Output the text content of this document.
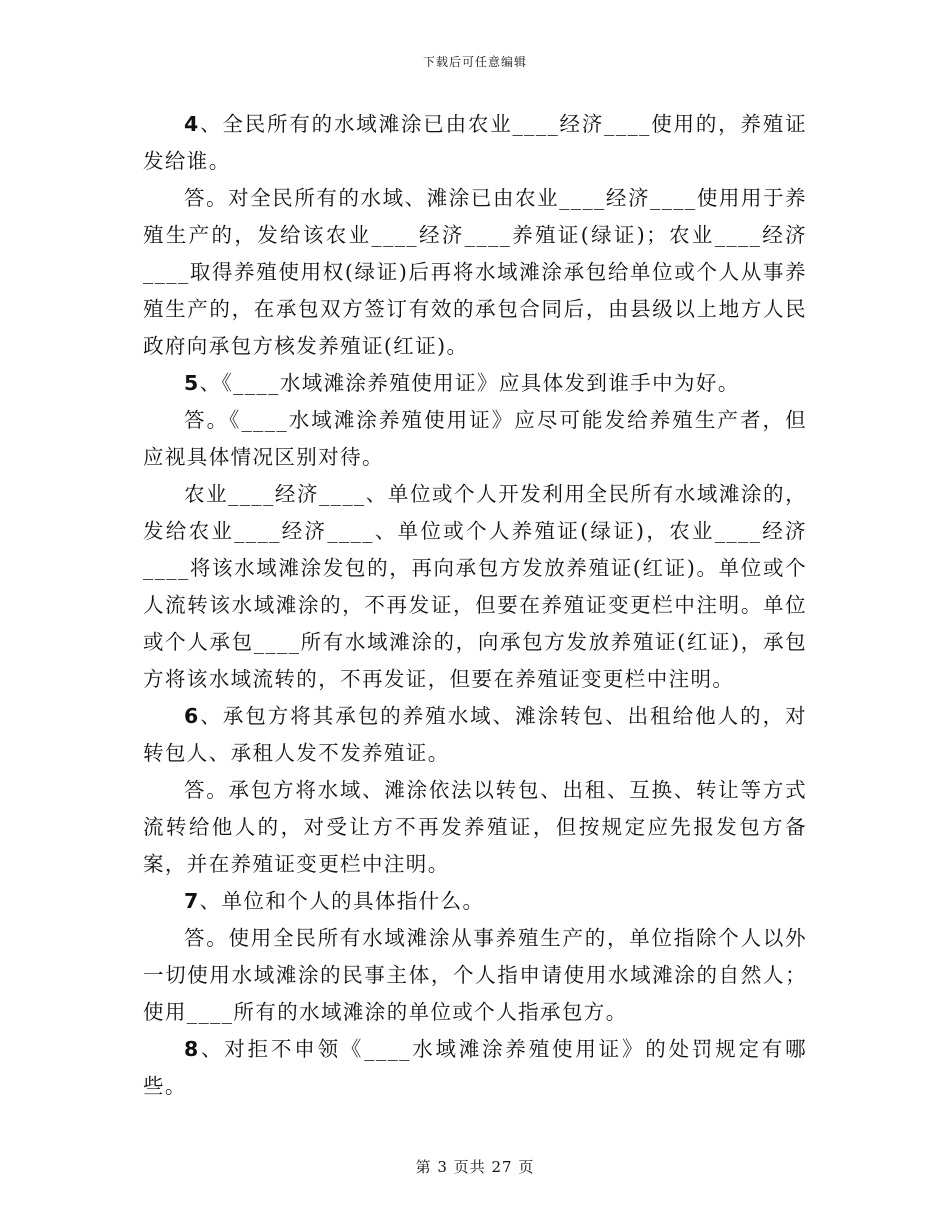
下载后可任意编辑

4、全民所有的水域滩涂已由农业____经济____使用的，养殖证发给谁。

答。对全民所有的水域、滩涂已由农业____经济____使用用于养殖生产的，发给该农业____经济____养殖证(绿证)；农业____经济____取得养殖使用权(绿证)后再将水域滩涂承包给单位或个人从事养殖生产的，在承包双方签订有效的承包合同后，由县级以上地方人民政府向承包方核发养殖证(红证)。

5、《____水域滩涂养殖使用证》应具体发到谁手中为好。

答。《____水域滩涂养殖使用证》应尽可能发给养殖生产者，但应视具体情况区别对待。

农业____经济____、单位或个人开发利用全民所有水域滩涂的，发给农业____经济____、单位或个人养殖证(绿证)，农业____经济____将该水域滩涂发包的，再向承包方发放养殖证(红证)。单位或个人流转该水域滩涂的，不再发证，但要在养殖证变更栏中注明。单位或个人承包____所有水域滩涂的，向承包方发放养殖证(红证)，承包方将该水域流转的，不再发证，但要在养殖证变更栏中注明。

6、承包方将其承包的养殖水域、滩涂转包、出租给他人的，对转包人、承租人发不发养殖证。

答。承包方将水域、滩涂依法以转包、出租、互换、转让等方式流转给他人的，对受让方不再发养殖证，但按规定应先报发包方备案，并在养殖证变更栏中注明。

7、单位和个人的具体指什么。

答。使用全民所有水域滩涂从事养殖生产的，单位指除个人以外一切使用水域滩涂的民事主体，个人指申请使用水域滩涂的自然人；使用____所有的水域滩涂的单位或个人指承包方。

8、对拒不申领《____水域滩涂养殖使用证》的处罚规定有哪些。

第 3 页共 27 页
